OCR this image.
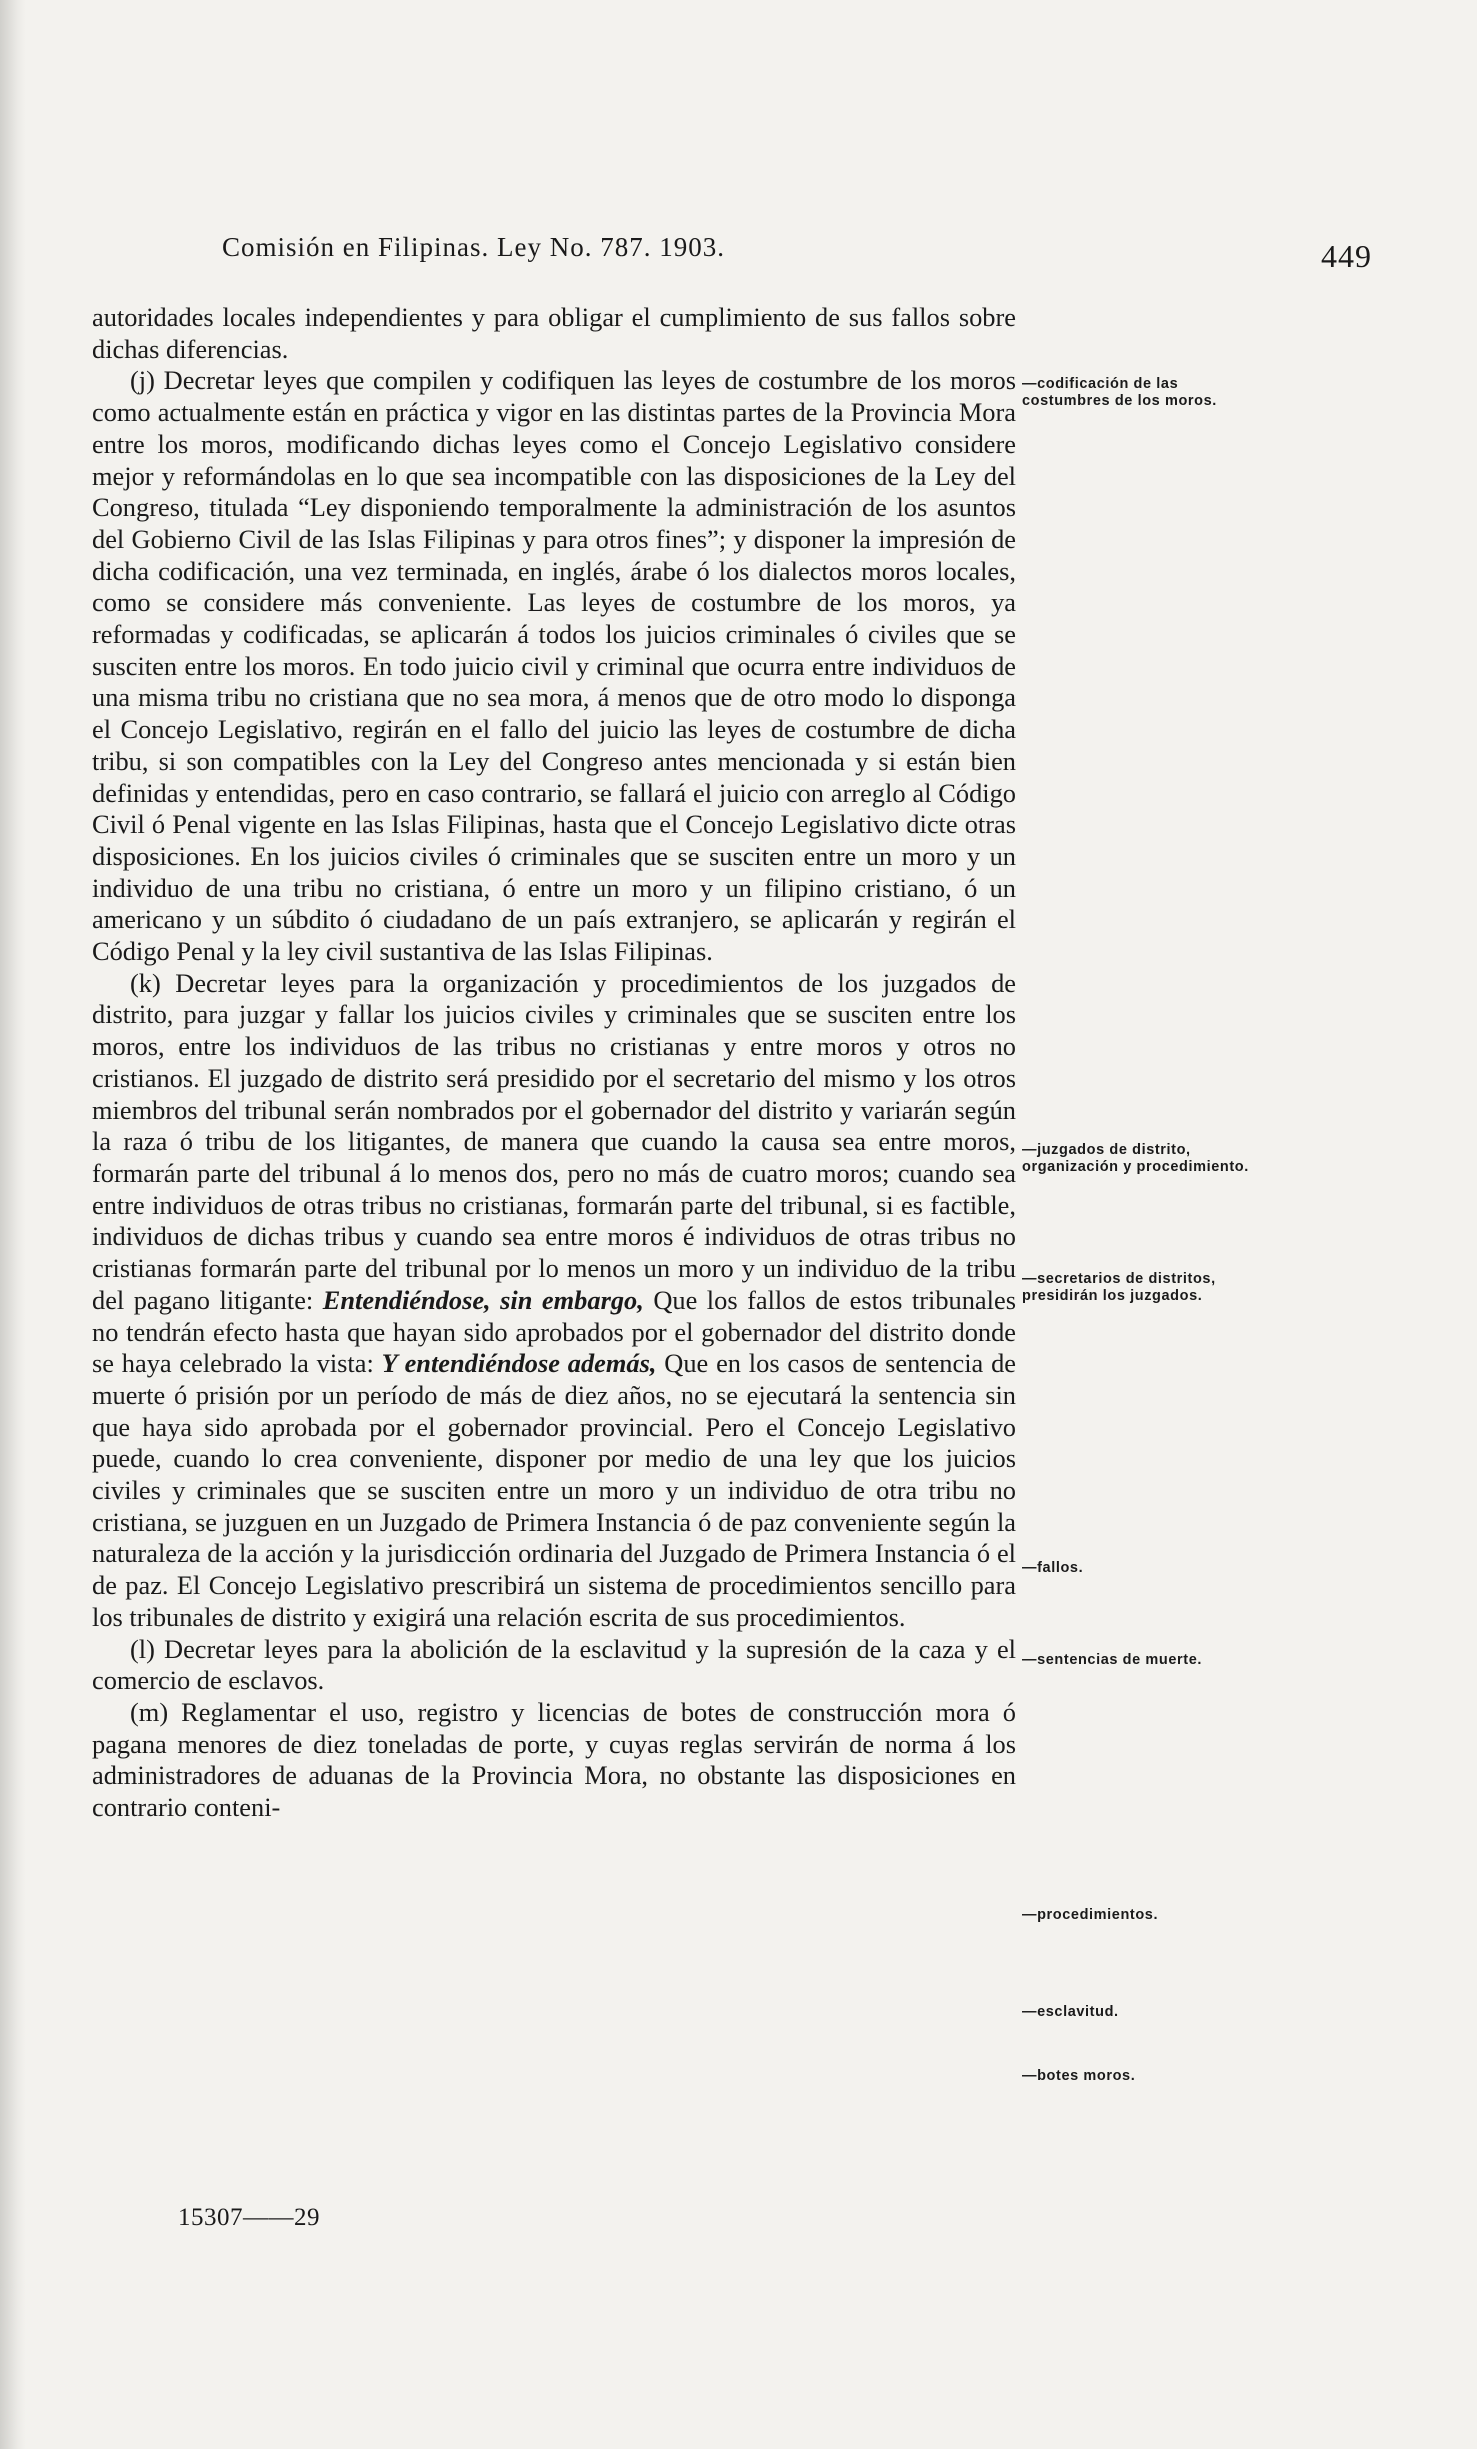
Comisión en Filipinas. Ley No. 787. 1903.	449

autoridades locales independientes y para obligar el cumplimiento de sus fallos sobre dichas diferencias.

(j) Decretar leyes que compilen y codifiquen las leyes de costumbre de los moros como actualmente están en práctica y vigor en las distintas partes de la Provincia Mora entre los moros, modificando dichas leyes como el Concejo Legislativo considere mejor y reformándolas en lo que sea incompatible con las disposiciones de la Ley del Congreso, titulada “Ley disponiendo temporalmente la administración de los asuntos del Gobierno Civil de las Islas Filipinas y para otros fines”; y disponer la impresión de dicha codificación, una vez terminada, en inglés, árabe ó los dialectos moros locales, como se considere más conveniente. Las leyes de costumbre de los moros, ya reformadas y codificadas, se aplicarán á todos los juicios criminales ó civiles que se susciten entre los moros. En todo juicio civil y criminal que ocurra entre individuos de una misma tribu no cristiana que no sea mora, á menos que de otro modo lo disponga el Concejo Legislativo, regirán en el fallo del juicio las leyes de costumbre de dicha tribu, si son compatibles con la Ley del Congreso antes mencionada y si están bien definidas y entendidas, pero en caso contrario, se fallará el juicio con arreglo al Código Civil ó Penal vigente en las Islas Filipinas, hasta que el Concejo Legislativo dicte otras disposiciones. En los juicios civiles ó criminales que se susciten entre un moro y un individuo de una tribu no cristiana, ó entre un moro y un filipino cristiano, ó un americano y un súbdito ó ciudadano de un país extranjero, se aplicarán y regirán el Código Penal y la ley civil sustantiva de las Islas Filipinas.

(k) Decretar leyes para la organización y procedimientos de los juzgados de distrito, para juzgar y fallar los juicios civiles y criminales que se susciten entre los moros, entre los individuos de las tribus no cristianas y entre moros y otros no cristianos. El juzgado de distrito será presidido por el secretario del mismo y los otros miembros del tribunal serán nombrados por el gobernador del distrito y variarán según la raza ó tribu de los litigantes, de manera que cuando la causa sea entre moros, formarán parte del tribunal á lo menos dos, pero no más de cuatro moros; cuando sea entre individuos de otras tribus no cristianas, formarán parte del tribunal, si es factible, individuos de dichas tribus y cuando sea entre moros é individuos de otras tribus no cristianas formarán parte del tribunal por lo menos un moro y un individuo de la tribu del pagano litigante: Entendiéndose, sin embargo, Que los fallos de estos tribunales no tendrán efecto hasta que hayan sido aprobados por el gobernador del distrito donde se haya celebrado la vista: Y entendiéndose además, Que en los casos de sentencia de muerte ó prisión por un período de más de diez años, no se ejecutará la sentencia sin que haya sido aprobada por el gobernador provincial. Pero el Concejo Legislativo puede, cuando lo crea conveniente, disponer por medio de una ley que los juicios civiles y criminales que se susciten entre un moro y un individuo de otra tribu no cristiana, se juzguen en un Juzgado de Primera Instancia ó de paz conveniente según la naturaleza de la acción y la jurisdicción ordinaria del Juzgado de Primera Instancia ó el de paz. El Concejo Legislativo prescribirá un sistema de procedimientos sencillo para los tribunales de distrito y exigirá una relación escrita de sus procedimientos.

(l) Decretar leyes para la abolición de la esclavitud y la supresión de la caza y el comercio de esclavos.

(m) Reglamentar el uso, registro y licencias de botes de construcción mora ó pagana menores de diez toneladas de porte, y cuyas reglas servirán de norma á los administradores de aduanas de la Provincia Mora, no obstante las disposiciones en contrario conteni-

—codificación de las costumbres de los moros.
—juzgados de distrito, organización y procedimiento.
—secretarios de distritos, presidirán los juzgados.
—fallos.
—sentencias de muerte.
—procedimientos.
—esclavitud.
—botes moros.
15307——29
